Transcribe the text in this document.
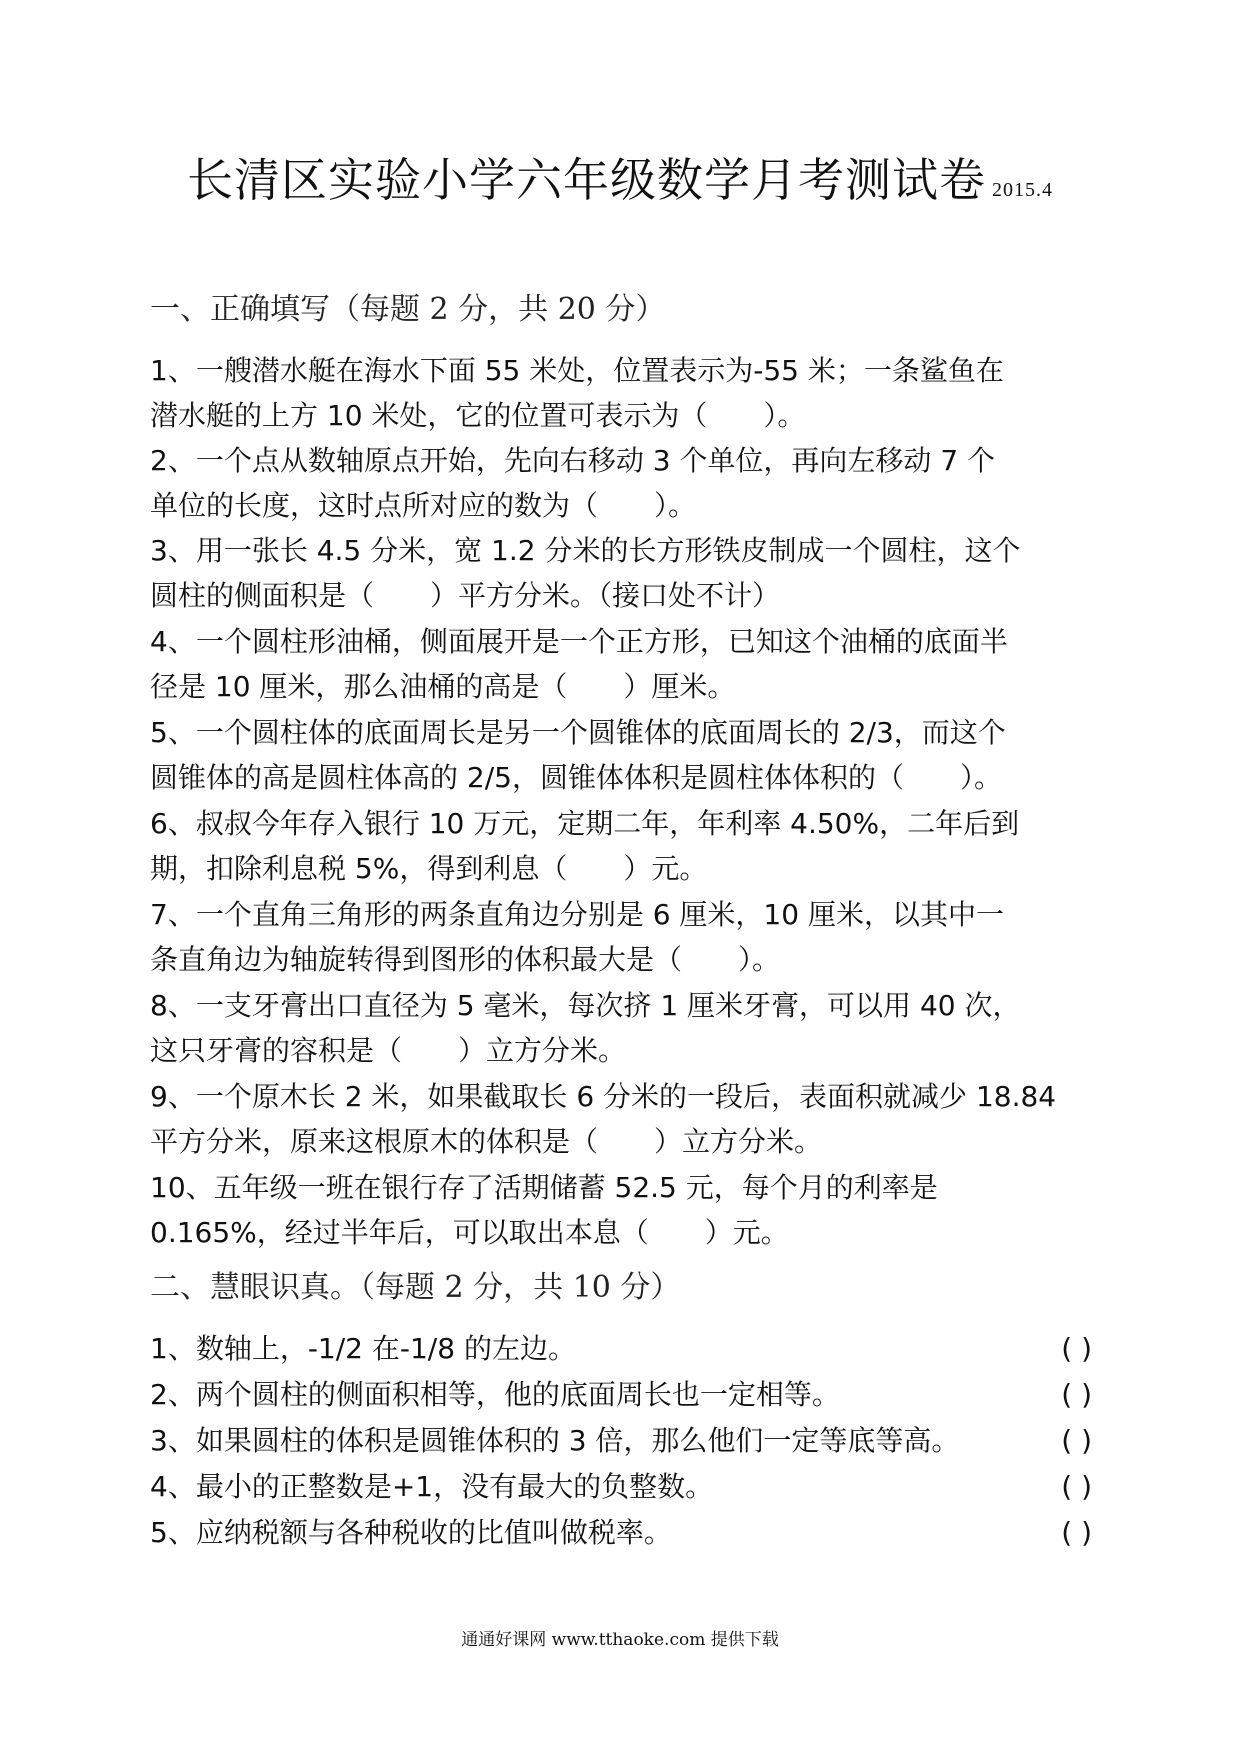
长清区实验小学六年级数学月考测试卷 2015.4
一、正确填写（每题 2 分，共 20 分）
1、一艘潜水艇在海水下面 55 米处，位置表示为-55 米；一条鲨鱼在
潜水艇的上方 10 米处，它的位置可表示为（　　）。
2、一个点从数轴原点开始，先向右移动 3 个单位，再向左移动 7 个
单位的长度，这时点所对应的数为（　　）。
3、用一张长 4.5 分米，宽 1.2 分米的长方形铁皮制成一个圆柱，这个
圆柱的侧面积是（　　）平方分米。（接口处不计）
4、一个圆柱形油桶，侧面展开是一个正方形，已知这个油桶的底面半
径是 10 厘米，那么油桶的高是（　　）厘米。
5、一个圆柱体的底面周长是另一个圆锥体的底面周长的 2/3，而这个
圆锥体的高是圆柱体高的 2/5，圆锥体体积是圆柱体体积的（　　）。
6、叔叔今年存入银行 10 万元，定期二年，年利率 4.50%，二年后到
期，扣除利息税 5%，得到利息（　　）元。
7、一个直角三角形的两条直角边分别是 6 厘米，10 厘米，以其中一
条直角边为轴旋转得到图形的体积最大是（　　）。
8、一支牙膏出口直径为 5 毫米，每次挤 1 厘米牙膏，可以用 40 次，
这只牙膏的容积是（　　）立方分米。
9、一个原木长 2 米，如果截取长 6 分米的一段后，表面积就减少 18.84
平方分米，原来这根原木的体积是（　　）立方分米。
10、五年级一班在银行存了活期储蓄 52.5 元，每个月的利率是
0.165%，经过半年后，可以取出本息（　　）元。
二、慧眼识真。（每题 2 分，共 10 分）
1、数轴上，-1/2 在-1/8 的左边。	( )
2、两个圆柱的侧面积相等，他的底面周长也一定相等。	( )
3、如果圆柱的体积是圆锥体积的 3 倍，那么他们一定等底等高。	( )
4、最小的正整数是+1，没有最大的负整数。	( )
5、应纳税额与各种税收的比值叫做税率。	( )
通通好课网 www.tthaoke.com 提供下载
